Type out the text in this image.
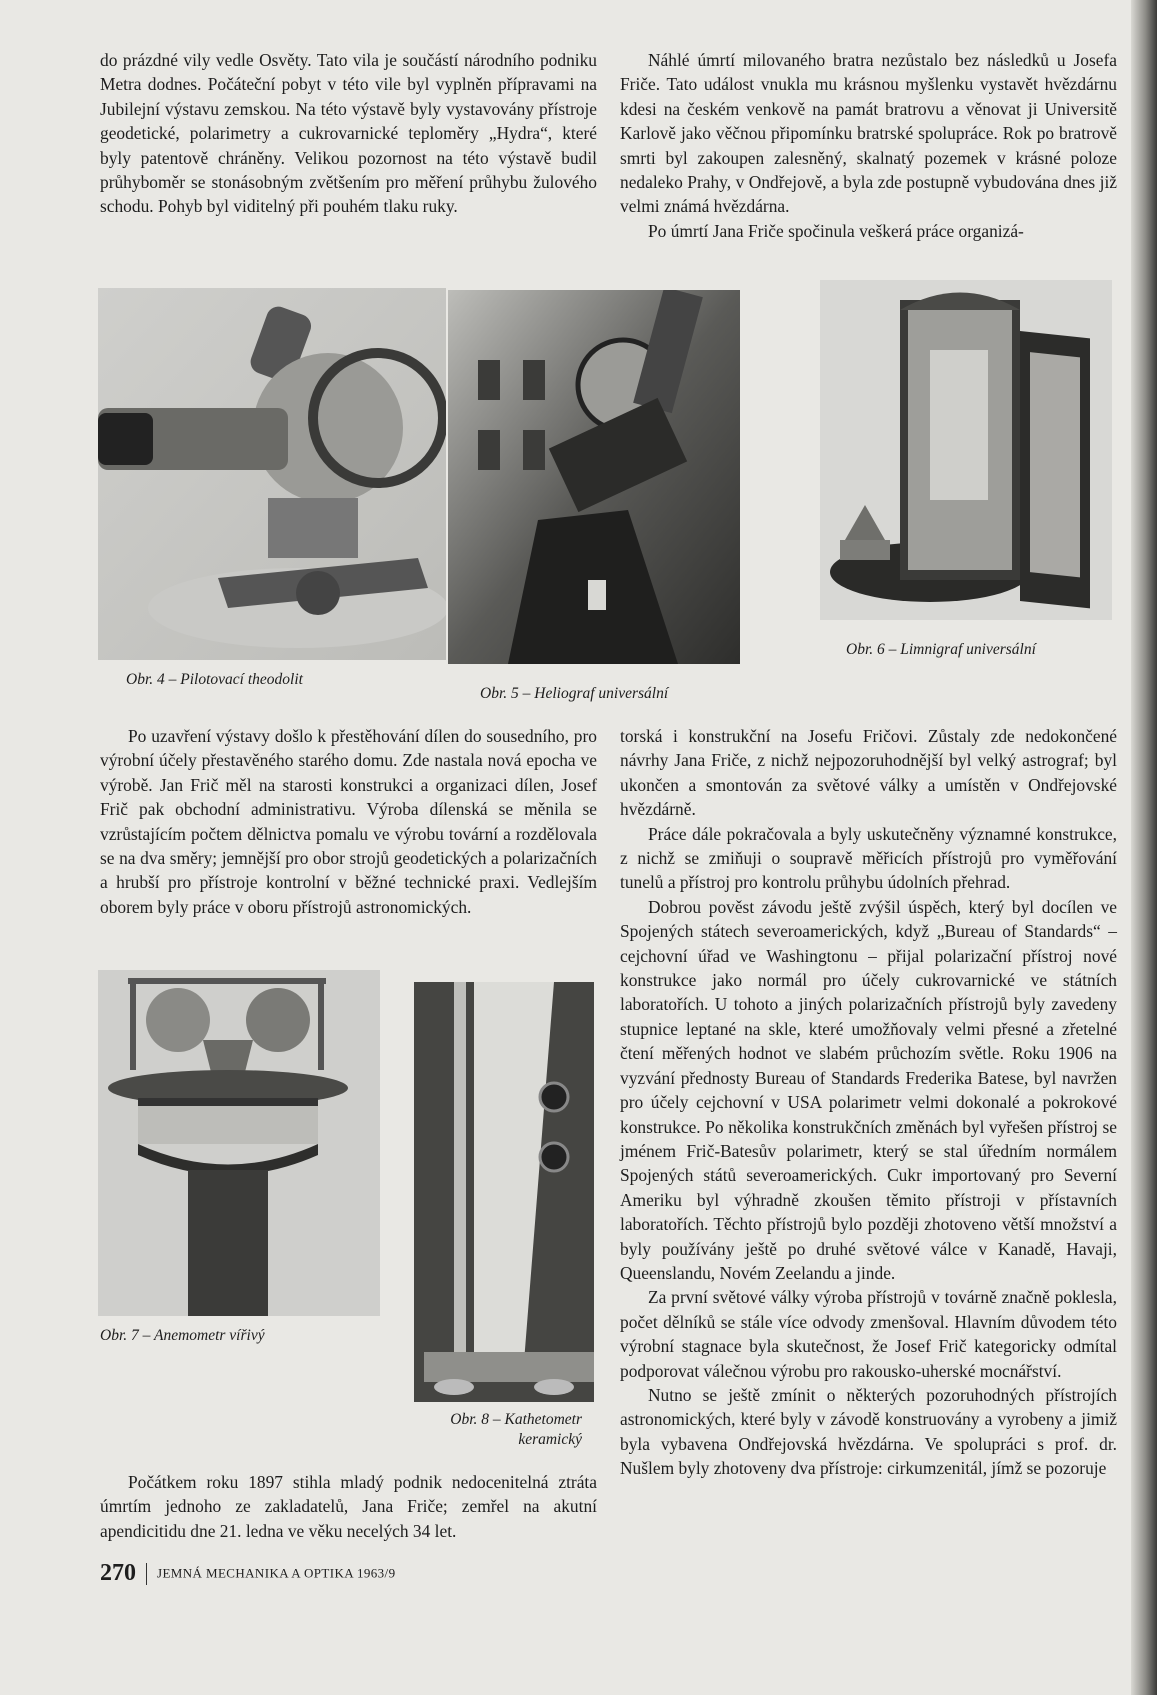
do prázdné vily vedle Osvěty. Tato vila je součástí národního podniku Metra dodnes. Počáteční pobyt v této vile byl vyplněn přípravami na Jubilejní výstavu zemskou. Na této výstavě byly vystavovány přístroje geodetické, polarimetry a cukrovarnické teploměry „Hydra“, které byly patentově chráněny. Velikou pozornost na této výstavě budil průhyboměr se stonásobným zvětšením pro měření průhybu žulového schodu. Pohyb byl viditelný při pouhém tlaku ruky.

Náhlé úmrtí milovaného bratra nezůstalo bez následků u Josefa Friče. Tato událost vnukla mu krásnou myšlenku vystavět hvězdárnu kdesi na českém venkově na památ bratrovu a věnovat ji Universitě Karlově jako věčnou připomínku bratrské spolupráce. Rok po bratrově smrti byl zakoupen zalesněný, skalnatý pozemek v krásné poloze nedaleko Prahy, v Ondřejově, a byla zde postupně vybudována dnes již velmi známá hvězdárna.

Po úmrtí Jana Friče spočinula veškerá práce organizá-

Obr. 4 – Pilotovací theodolit
Obr. 5 – Heliograf universální
Obr. 6 – Limnigraf universální

Po uzavření výstavy došlo k přestěhování dílen do sousedního, pro výrobní účely přestavěného starého domu. Zde nastala nová epocha ve výrobě. Jan Frič měl na starosti konstrukci a organizaci dílen, Josef Frič pak obchodní administrativu. Výroba dílenská se měnila se vzrůstajícím počtem dělnictva pomalu ve výrobu tovární a rozdělovala se na dva směry; jemnější pro obor strojů geodetických a polarizačních a hrubší pro přístroje kontrolní v běžné technické praxi. Vedlejším oborem byly práce v oboru přístrojů astronomických.

Obr. 7 – Anemometr vířivý
Obr. 8 – Kathetometr
keramický

Počátkem roku 1897 stihla mladý podnik nedocenitelná ztráta úmrtím jednoho ze zakladatelů, Jana Friče; zemřel na akutní apendicitidu dne 21. ledna ve věku necelých 34 let.

torská i konstrukční na Josefu Fričovi. Zůstaly zde nedokončené návrhy Jana Friče, z nichž nejpozoruhodnější byl velký astrograf; byl ukončen a smontován za světové války a umístěn v Ondřejovské hvězdárně.

Práce dále pokračovala a byly uskutečněny významné konstrukce, z nichž se zmiňuji o soupravě měřicích přístrojů pro vyměřování tunelů a přístroj pro kontrolu průhybu údolních přehrad.

Dobrou pověst závodu ještě zvýšil úspěch, který byl docílen ve Spojených státech severoamerických, když „Bureau of Standards“ – cejchovní úřad ve Washingtonu – přijal polarizační přístroj nové konstrukce jako normál pro účely cukrovarnické ve státních laboratořích. U tohoto a jiných polarizačních přístrojů byly zavedeny stupnice leptané na skle, které umožňovaly velmi přesné a zřetelné čtení měřených hodnot ve slabém průchozím světle. Roku 1906 na vyzvání přednosty Bureau of Standards Frederika Batese, byl navržen pro účely cejchovní v USA polarimetr velmi dokonalé a pokrokové konstrukce. Po několika konstrukčních změnách byl vyřešen přístroj se jménem Frič-Batesův polarimetr, který se stal úředním normálem Spojených států severoamerických. Cukr importovaný pro Severní Ameriku byl výhradně zkoušen těmito přístroji v přístavních laboratořích. Těchto přístrojů bylo později zhotoveno větší množství a byly používány ještě po druhé světové válce v Kanadě, Havaji, Queenslandu, Novém Zeelandu a jinde.

Za první světové války výroba přístrojů v továrně značně poklesla, počet dělníků se stále více odvody zmenšoval. Hlavním důvodem této výrobní stagnace byla skutečnost, že Josef Frič kategoricky odmítal podporovat válečnou výrobu pro rakousko-uherské mocnářství.

Nutno se ještě zmínit o některých pozoruhodných přístrojích astronomických, které byly v závodě konstruovány a vyrobeny a jimiž byla vybavena Ondřejovská hvězdárna. Ve spolupráci s prof. dr. Nušlem byly zhotoveny dva přístroje: cirkumzenitál, jímž se pozoruje

270 JEMNÁ MECHANIKA A OPTIKA 1963/9
